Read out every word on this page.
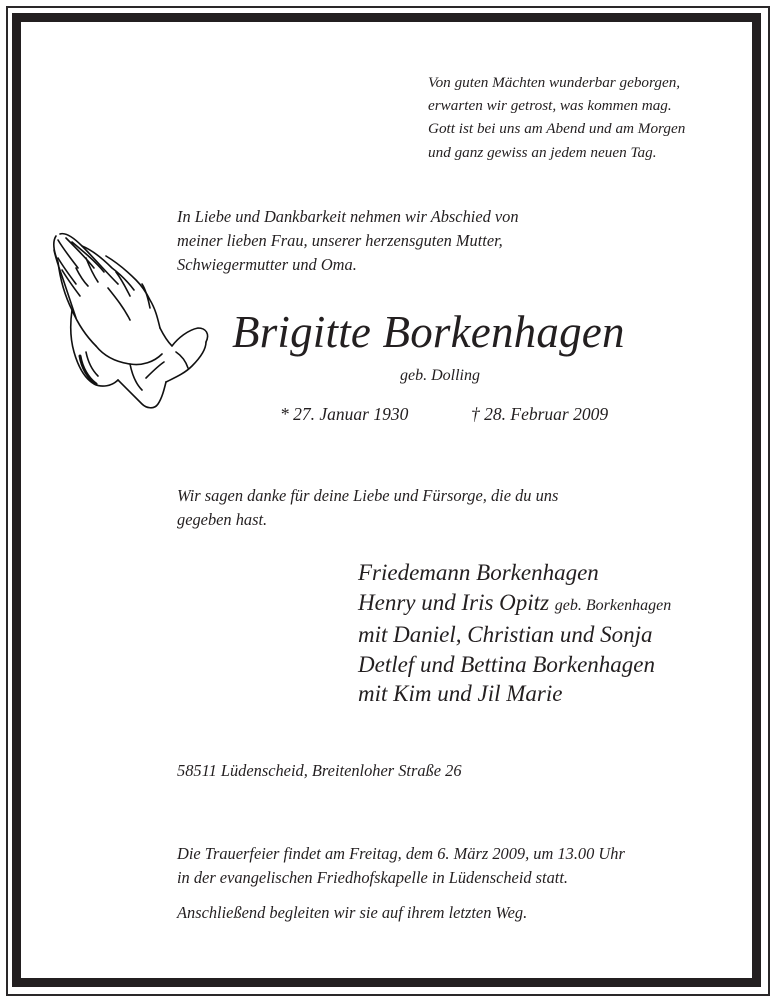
Von guten Mächten wunderbar geborgen,
erwarten wir getrost, was kommen mag.
Gott ist bei uns am Abend und am Morgen
und ganz gewiss an jedem neuen Tag.
In Liebe und Dankbarkeit nehmen wir Abschied von
meiner lieben Frau, unserer herzensguten Mutter,
Schwiegermutter und Oma.
Brigitte Borkenhagen
geb. Dolling
* 27. Januar 1930	† 28. Februar 2009
Wir sagen danke für deine Liebe und Fürsorge, die du uns
gegeben hast.
Friedemann Borkenhagen
Henry und Iris Opitz geb. Borkenhagen
mit Daniel, Christian und Sonja
Detlef und Bettina Borkenhagen
mit Kim und Jil Marie
58511 Lüdenscheid, Breitenloher Straße 26
Die Trauerfeier findet am Freitag, dem 6. März 2009, um 13.00 Uhr
in der evangelischen Friedhofskapelle in Lüdenscheid statt.
Anschließend begleiten wir sie auf ihrem letzten Weg.
